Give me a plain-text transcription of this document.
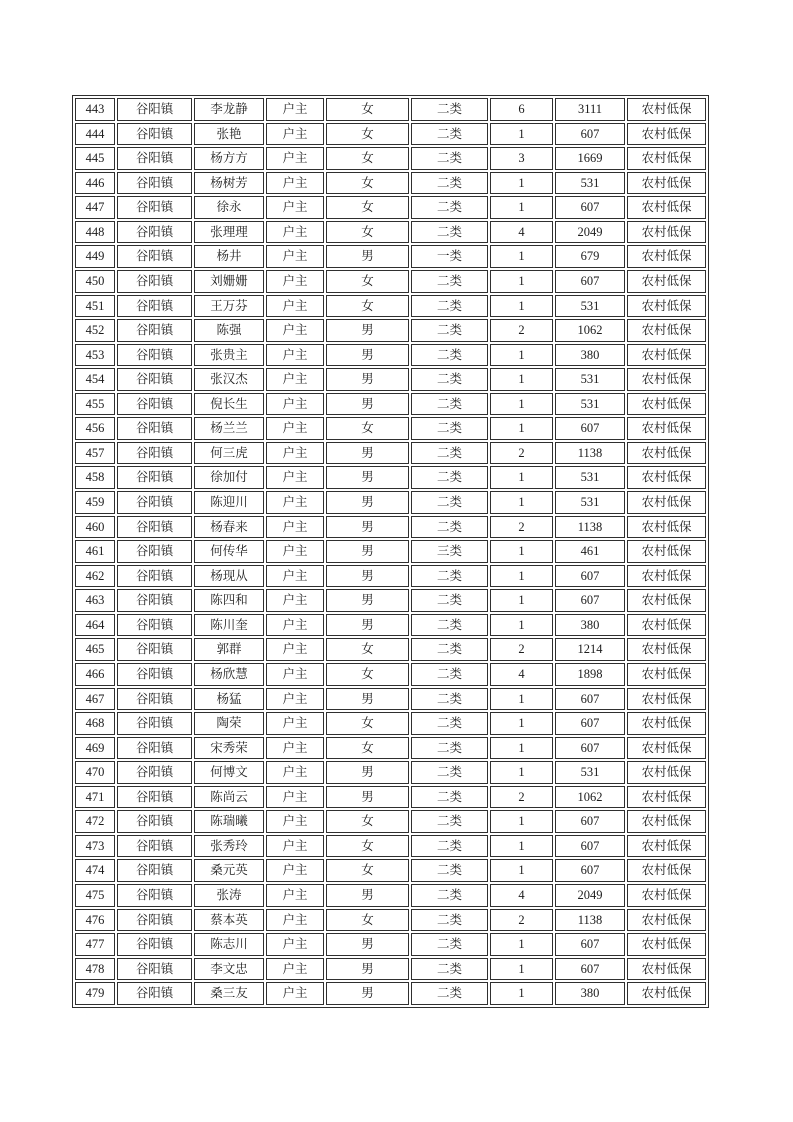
443	谷阳镇	李龙静	户主	女	二类	6	3111	农村低保
444	谷阳镇	张艳	户主	女	二类	1	607	农村低保
445	谷阳镇	杨方方	户主	女	二类	3	1669	农村低保
446	谷阳镇	杨树芳	户主	女	二类	1	531	农村低保
447	谷阳镇	徐永	户主	女	二类	1	607	农村低保
448	谷阳镇	张理理	户主	女	二类	4	2049	农村低保
449	谷阳镇	杨井	户主	男	一类	1	679	农村低保
450	谷阳镇	刘姗姗	户主	女	二类	1	607	农村低保
451	谷阳镇	王万芬	户主	女	二类	1	531	农村低保
452	谷阳镇	陈强	户主	男	二类	2	1062	农村低保
453	谷阳镇	张贵主	户主	男	二类	1	380	农村低保
454	谷阳镇	张汉杰	户主	男	二类	1	531	农村低保
455	谷阳镇	倪长生	户主	男	二类	1	531	农村低保
456	谷阳镇	杨兰兰	户主	女	二类	1	607	农村低保
457	谷阳镇	何三虎	户主	男	二类	2	1138	农村低保
458	谷阳镇	徐加付	户主	男	二类	1	531	农村低保
459	谷阳镇	陈迎川	户主	男	二类	1	531	农村低保
460	谷阳镇	杨春来	户主	男	二类	2	1138	农村低保
461	谷阳镇	何传华	户主	男	三类	1	461	农村低保
462	谷阳镇	杨现从	户主	男	二类	1	607	农村低保
463	谷阳镇	陈四和	户主	男	二类	1	607	农村低保
464	谷阳镇	陈川奎	户主	男	二类	1	380	农村低保
465	谷阳镇	郭群	户主	女	二类	2	1214	农村低保
466	谷阳镇	杨欣慧	户主	女	二类	4	1898	农村低保
467	谷阳镇	杨猛	户主	男	二类	1	607	农村低保
468	谷阳镇	陶荣	户主	女	二类	1	607	农村低保
469	谷阳镇	宋秀荣	户主	女	二类	1	607	农村低保
470	谷阳镇	何博文	户主	男	二类	1	531	农村低保
471	谷阳镇	陈尚云	户主	男	二类	2	1062	农村低保
472	谷阳镇	陈瑞曦	户主	女	二类	1	607	农村低保
473	谷阳镇	张秀玲	户主	女	二类	1	607	农村低保
474	谷阳镇	桑元英	户主	女	二类	1	607	农村低保
475	谷阳镇	张涛	户主	男	二类	4	2049	农村低保
476	谷阳镇	蔡本英	户主	女	二类	2	1138	农村低保
477	谷阳镇	陈志川	户主	男	二类	1	607	农村低保
478	谷阳镇	李文忠	户主	男	二类	1	607	农村低保
479	谷阳镇	桑三友	户主	男	二类	1	380	农村低保
